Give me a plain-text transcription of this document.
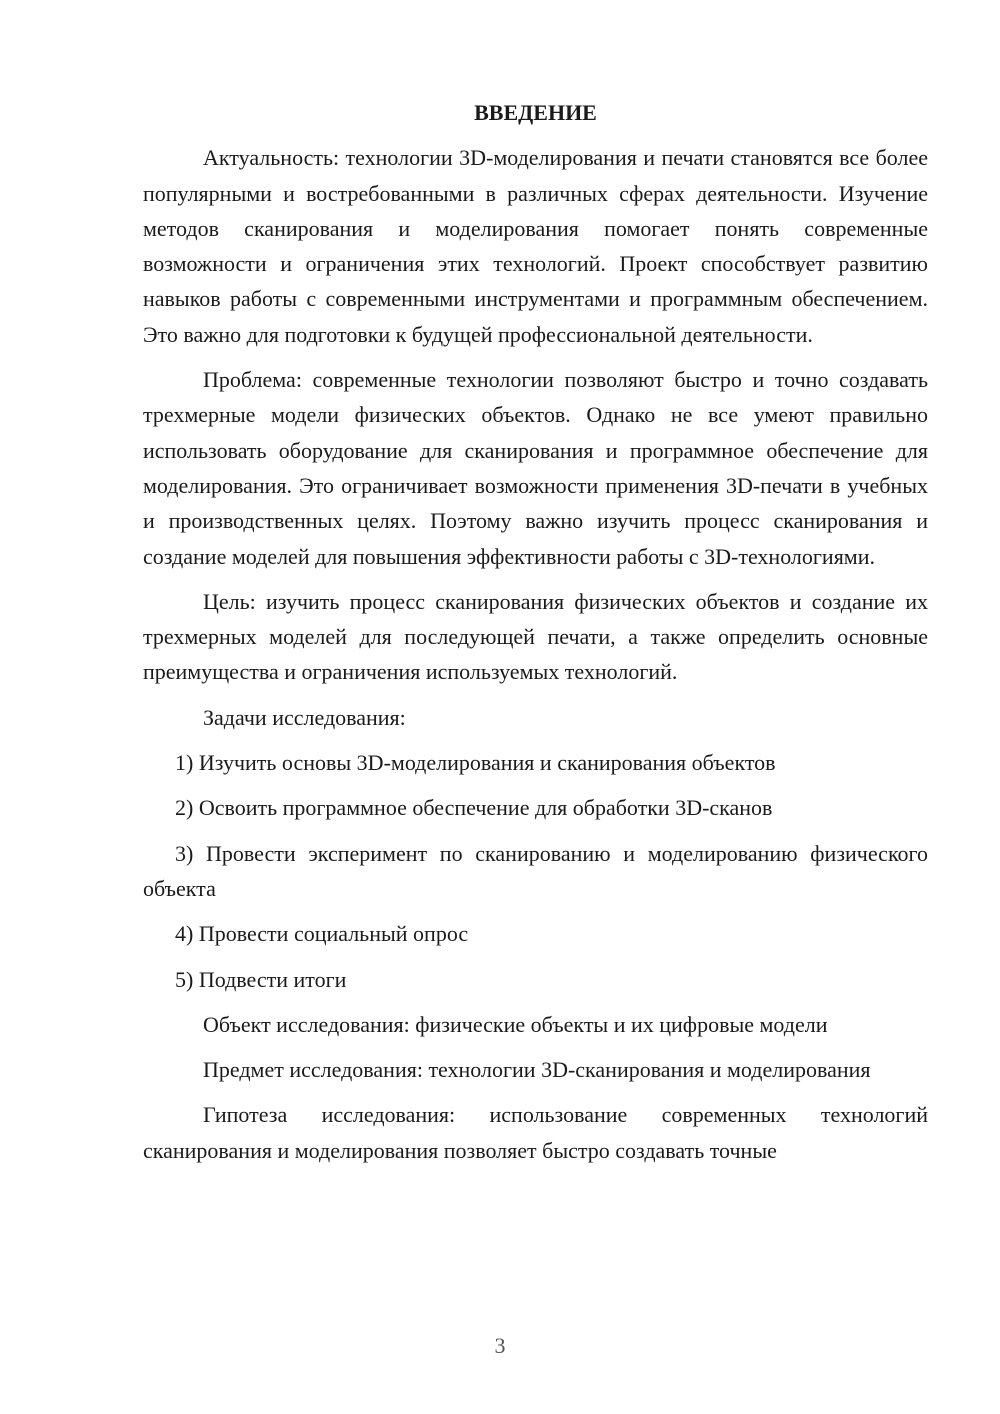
ВВЕДЕНИЕ
Актуальность: технологии 3D-моделирования и печати становятся все более популярными и востребованными в различных сферах деятельности. Изучение методов сканирования и моделирования помогает понять современные возможности и ограничения этих технологий. Проект способствует развитию навыков работы с современными инструментами и программным обеспечением. Это важно для подготовки к будущей профессиональной деятельности.
Проблема: современные технологии позволяют быстро и точно создавать трехмерные модели физических объектов. Однако не все умеют правильно использовать оборудование для сканирования и программное обеспечение для моделирования. Это ограничивает возможности применения 3D-печати в учебных и производственных целях. Поэтому важно изучить процесс сканирования и создание моделей для повышения эффективности работы с 3D-технологиями.
Цель: изучить процесс сканирования физических объектов и создание их трехмерных моделей для последующей печати, а также определить основные преимущества и ограничения используемых технологий.
Задачи исследования:
1) Изучить основы 3D-моделирования и сканирования объектов
2) Освоить программное обеспечение для обработки 3D-сканов
3) Провести эксперимент по сканированию и моделированию физического объекта
4) Провести социальный опрос
5) Подвести итоги
Объект исследования: физические объекты и их цифровые модели
Предмет исследования: технологии 3D-сканирования и моделирования
Гипотеза исследования: использование современных технологий сканирования и моделирования позволяет быстро создавать точные
3
